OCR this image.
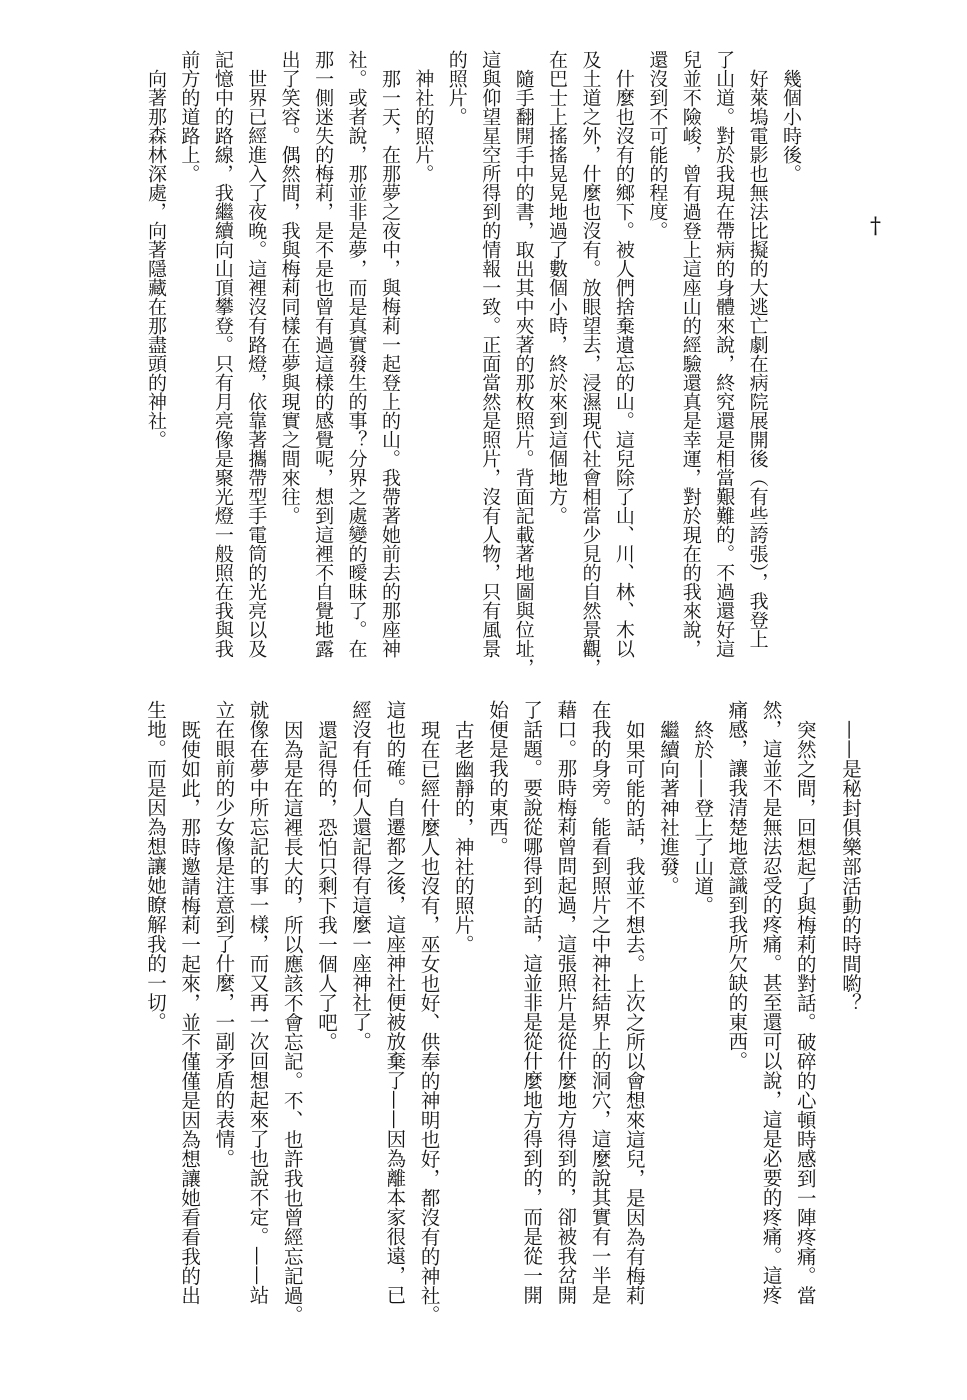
†
幾個小時後。
好萊塢電影也無法比擬的大逃亡劇在病院展開後（有些誇張），我登上
了山道。對於我現在帶病的身體來說，終究還是相當艱難的。不過還好這
兒並不險峻，曾有過登上這座山的經驗還真是幸運，對於現在的我來說，
還沒到不可能的程度。
什麼也沒有的鄉下。被人們捨棄遺忘的山。這兒除了山、川、林、木以
及土道之外，什麼也沒有。放眼望去，浸濕現代社會相當少見的自然景觀，
在巴士上搖搖晃晃地過了數個小時，終於來到這個地方。
隨手翻開手中的書，取出其中夾著的那枚照片。背面記載著地圖與位址，
這與仰望星空所得到的情報一致。正面當然是照片，沒有人物，只有風景
的照片。
神社的照片。
那一天，在那夢之夜中，與梅莉一起登上的山。我帶著她前去的那座神
社。或者說，那並非是夢，而是真實發生的事？分界之處變的曖昧了。在
那一側迷失的梅莉，是不是也曾有過這樣的感覺呢，想到這裡不自覺地露
出了笑容。偶然間，我與梅莉同樣在夢與現實之間來往。
世界已經進入了夜晚。這裡沒有路燈，依靠著攜帶型手電筒的光亮以及
記憶中的路線，我繼續向山頂攀登。只有月亮像是聚光燈一般照在我與我
前方的道路上。
向著那森林深處，向著隱藏在那盡頭的神社。
——是秘封俱樂部活動的時間喲？
突然之間，回想起了與梅莉的對話。破碎的心頓時感到一陣疼痛。當
然，這並不是無法忍受的疼痛。甚至還可以說，這是必要的疼痛。這疼
痛感，讓我清楚地意識到我所欠缺的東西。
終於——登上了山道。
繼續向著神社進發。
如果可能的話，我並不想去。上次之所以會想來這兒，是因為有梅莉
在我的身旁。能看到照片之中神社結界上的洞穴，這麼說其實有一半是
藉口。那時梅莉曾問起過，這張照片是從什麼地方得到的，卻被我岔開
了話題。要說從哪得到的話，這並非是從什麼地方得到的，而是從一開
始便是我的東西。
古老幽靜的，神社的照片。
現在已經什麼人也沒有，巫女也好、供奉的神明也好，都沒有的神社。
這也的確。自遷都之後，這座神社便被放棄了——因為離本家很遠，已
經沒有任何人還記得有這麼一座神社了。
還記得的，恐怕只剩下我一個人了吧。
因為是在這裡長大的，所以應該不會忘記。不、也許我也曾經忘記過。
就像在夢中所忘記的事一樣，而又再一次回想起來了也說不定。——站
立在眼前的少女像是注意到了什麼，一副矛盾的表情。
既使如此，那時邀請梅莉一起來，並不僅僅是因為想讓她看看我的出
生地。而是因為想讓她瞭解我的一切。
